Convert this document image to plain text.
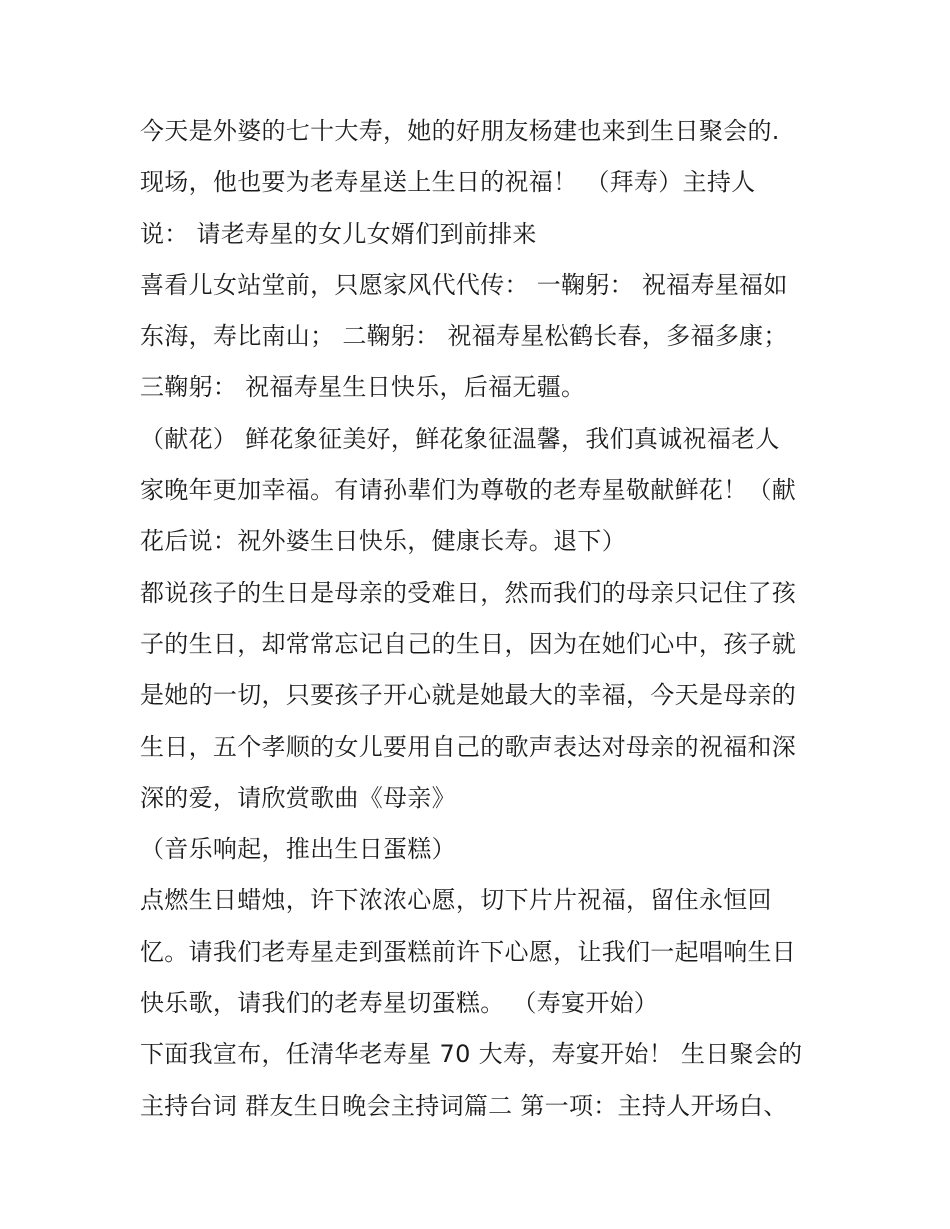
今天是外婆的七十大寿，她的好朋友杨建也来到生日聚会的.
现场，他也要为老寿星送上生日的祝福！ （拜寿）主持人
说： 请老寿星的女儿女婿们到前排来
喜看儿女站堂前，只愿家风代代传： 一鞠躬： 祝福寿星福如
东海，寿比南山； 二鞠躬： 祝福寿星松鹤长春，多福多康；
三鞠躬： 祝福寿星生日快乐，后福无疆。
（献花） 鲜花象征美好，鲜花象征温馨，我们真诚祝福老人
家晚年更加幸福。有请孙辈们为尊敬的老寿星敬献鲜花！（献
花后说：祝外婆生日快乐，健康长寿。退下）
都说孩子的生日是母亲的受难日，然而我们的母亲只记住了孩
子的生日，却常常忘记自己的生日，因为在她们心中，孩子就
是她的一切，只要孩子开心就是她最大的幸福，今天是母亲的
生日，五个孝顺的女儿要用自己的歌声表达对母亲的祝福和深
深的爱，请欣赏歌曲《母亲》
（音乐响起，推出生日蛋糕）
点燃生日蜡烛，许下浓浓心愿，切下片片祝福，留住永恒回
忆。请我们老寿星走到蛋糕前许下心愿，让我们一起唱响生日
快乐歌，请我们的老寿星切蛋糕。 （寿宴开始）
下面我宣布，任清华老寿星 70 大寿，寿宴开始！ 生日聚会的
主持台词 群友生日晚会主持词篇二 第一项：主持人开场白、
